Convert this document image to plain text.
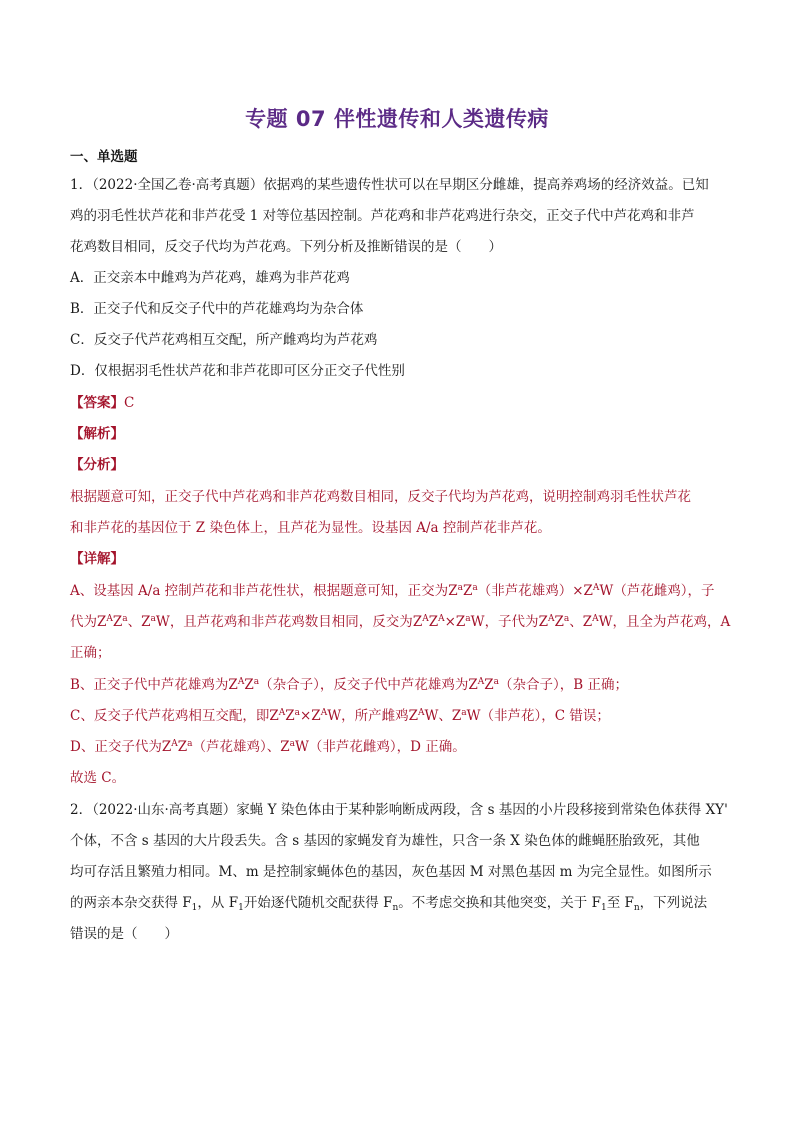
专题 07 伴性遗传和人类遗传病
一、单选题
1．（2022·全国乙卷·高考真题）依据鸡的某些遗传性状可以在早期区分雌雄，提高养鸡场的经济效益。已知
鸡的羽毛性状芦花和非芦花受 1 对等位基因控制。芦花鸡和非芦花鸡进行杂交，正交子代中芦花鸡和非芦
花鸡数目相同，反交子代均为芦花鸡。下列分析及推断错误的是（　　）
A．正交亲本中雌鸡为芦花鸡，雄鸡为非芦花鸡
B．正交子代和反交子代中的芦花雄鸡均为杂合体
C．反交子代芦花鸡相互交配，所产雌鸡均为芦花鸡
D．仅根据羽毛性状芦花和非芦花即可区分正交子代性别
【答案】C
【解析】
【分析】
根据题意可知，正交子代中芦花鸡和非芦花鸡数目相同，反交子代均为芦花鸡，说明控制鸡羽毛性状芦花
和非芦花的基因位于 Z 染色体上，且芦花为显性。设基因 A/a 控制芦花非芦花。
【详解】
A、设基因 A/a 控制芦花和非芦花性状，根据题意可知，正交为$Z^aZ^a$（非芦花雄鸡）$\times Z^AW$（芦花雌鸡），子
代为$Z^AZ^a$、$Z^aW$，且芦花鸡和非芦花鸡数目相同，反交为$Z^AZ^A\times Z^aW$，子代为$Z^AZ^a$、$Z^AW$，且全为芦花鸡，A
正确；
B、正交子代中芦花雄鸡为$Z^AZ^a$（杂合子），反交子代中芦花雄鸡为$Z^AZ^a$（杂合子），B 正确；
C、反交子代芦花鸡相互交配，即$Z^AZ^a\times Z^AW$，所产雌鸡$Z^AW$、$Z^aW$（非芦花），C 错误；
D、正交子代为$Z^AZ^a$（芦花雄鸡）、$Z^aW$（非芦花雌鸡），D 正确。
故选 C。
2．（2022·山东·高考真题）家蝇 Y 染色体由于某种影响断成两段，含 s 基因的小片段移接到常染色体获得 XY'
个体，不含 s 基因的大片段丢失。含 s 基因的家蝇发育为雄性，只含一条 X 染色体的雌蝇胚胎致死，其他
均可存活且繁殖力相同。M、m 是控制家蝇体色的基因，灰色基因 M 对黑色基因 m 为完全显性。如图所示
的两亲本杂交获得 $F_1$，从 $F_1$开始逐代随机交配获得 $F_n$。不考虑交换和其他突变，关于 $F_1$至 $F_n$，下列说法
错误的是（　　）
